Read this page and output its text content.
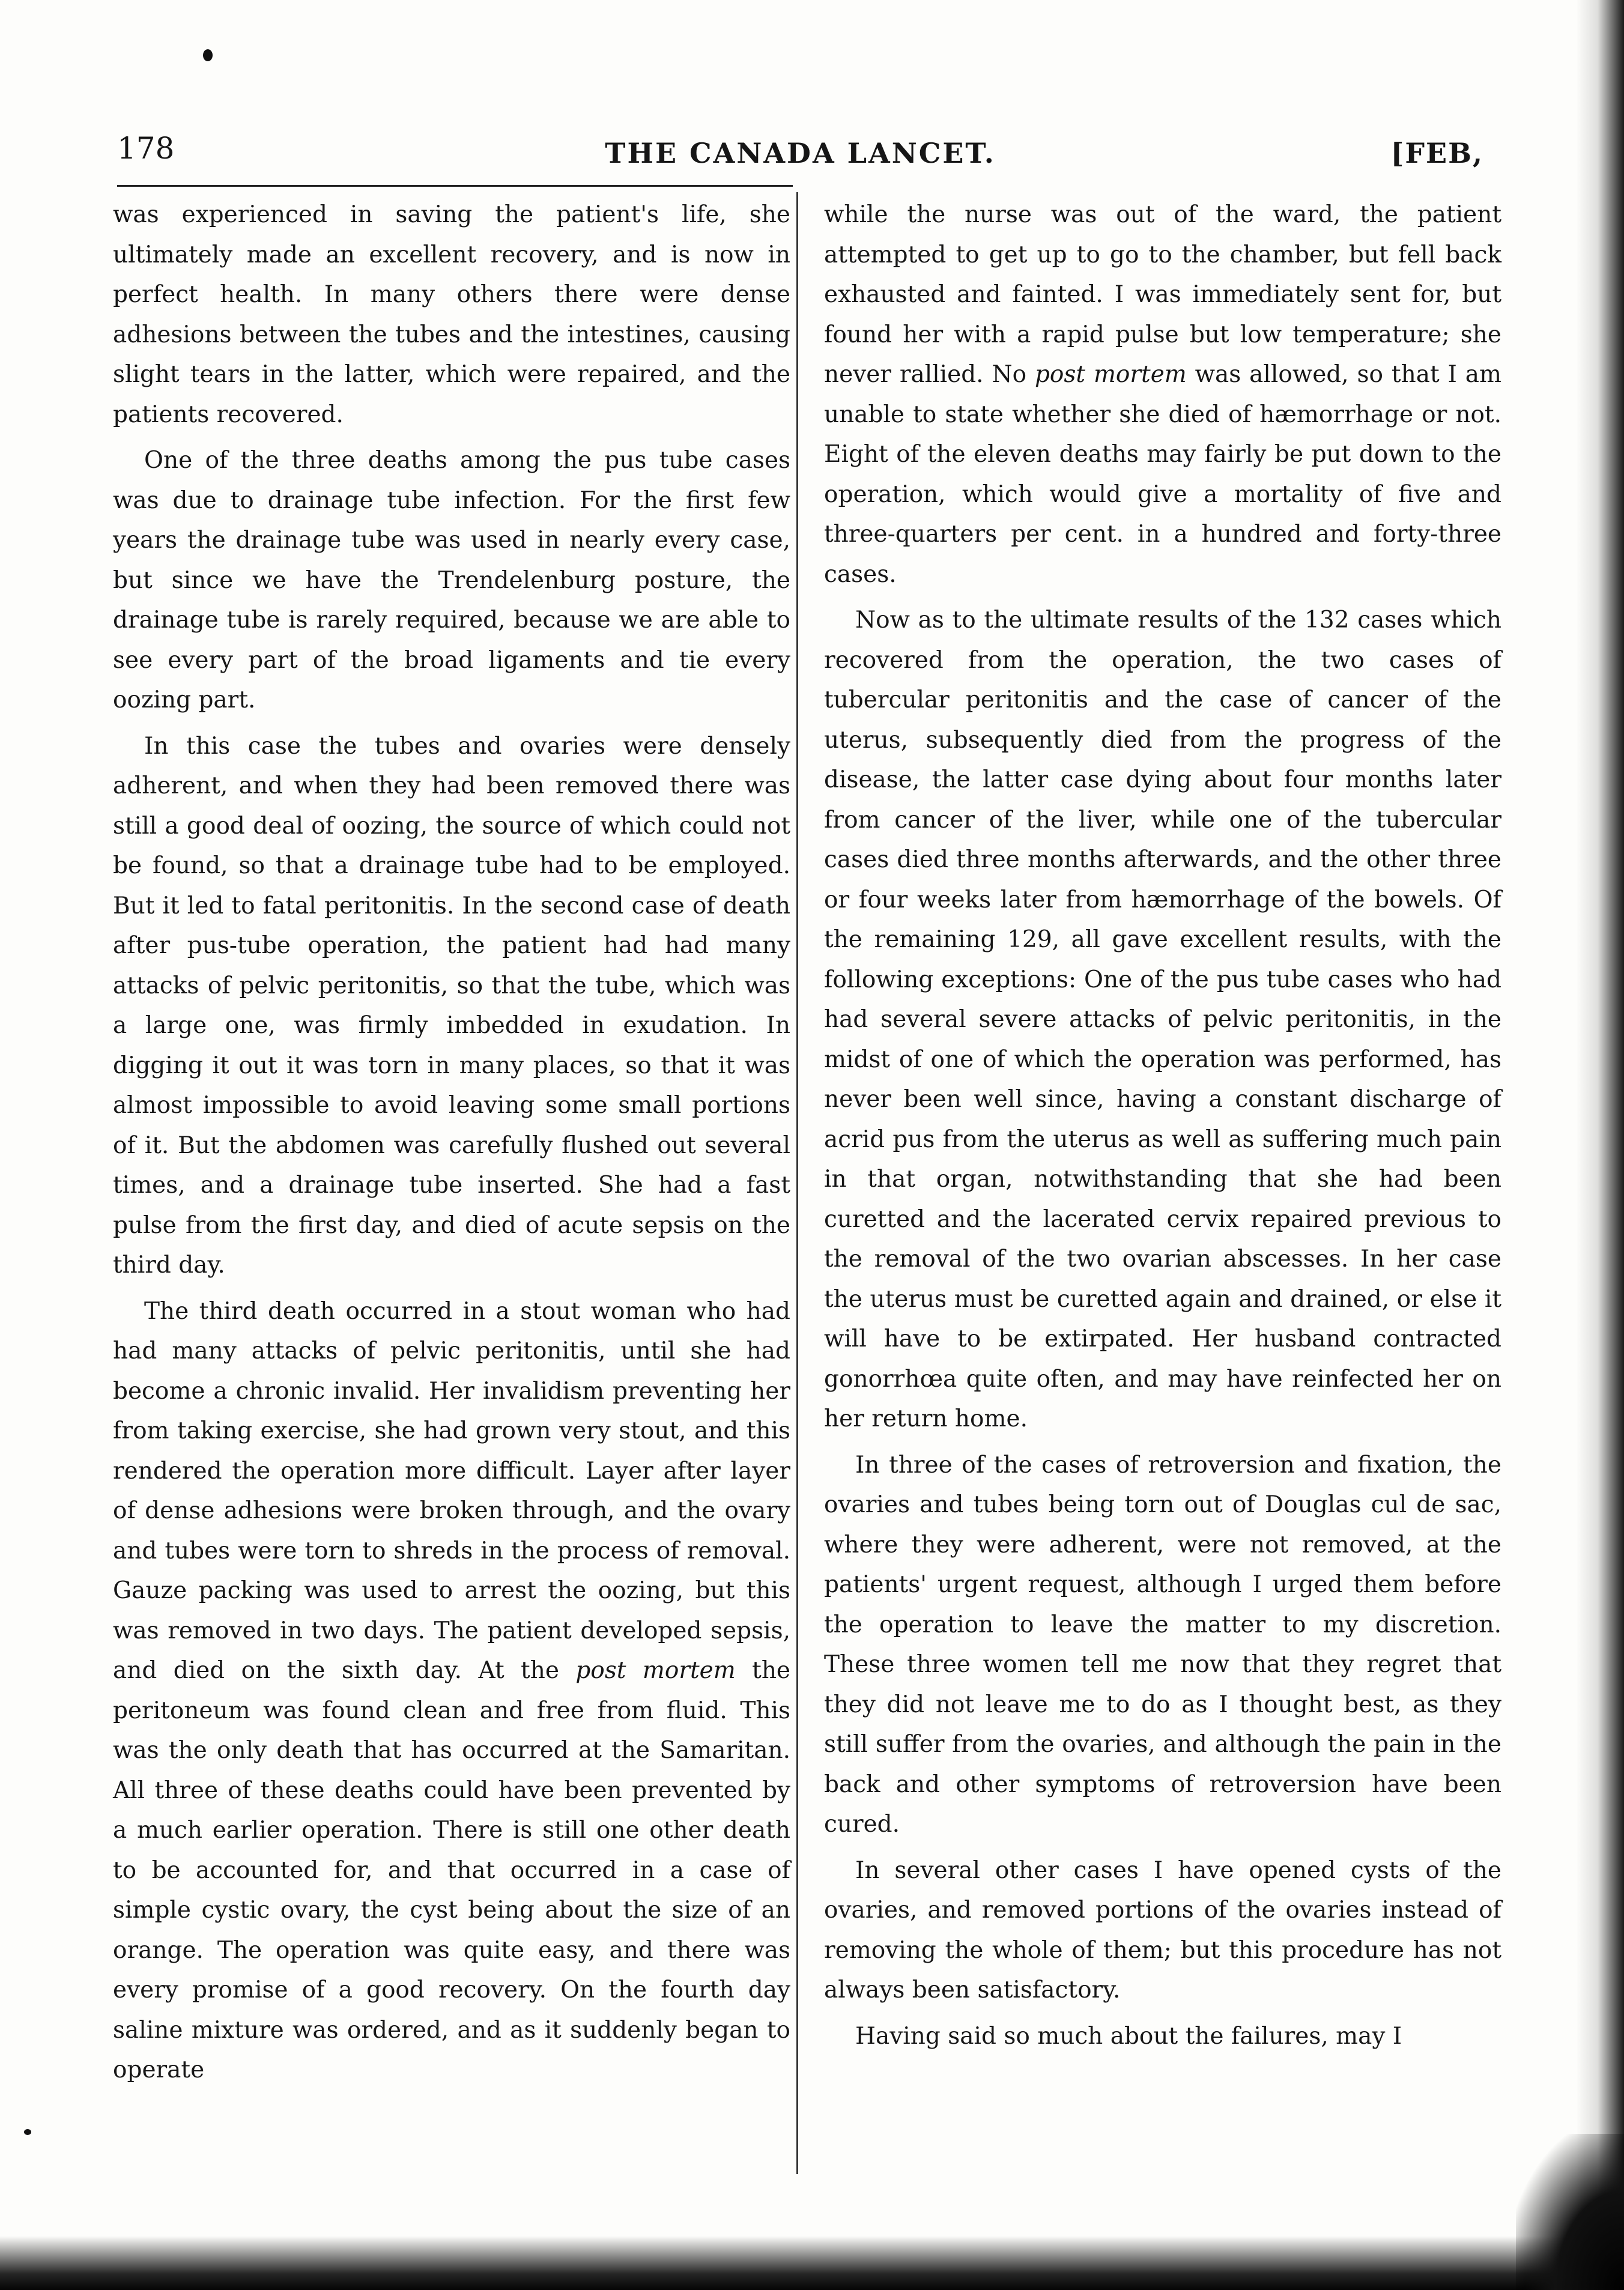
178	THE CANADA LANCET.	[FEB,

was experienced in saving the patient's life, she ultimately made an excellent recovery, and is now in perfect health. In many others there were dense adhesions between the tubes and the intestines, causing slight tears in the latter, which were repaired, and the patients recovered.

One of the three deaths among the pus tube cases was due to drainage tube infection. For the first few years the drainage tube was used in nearly every case, but since we have the Trendelenburg posture, the drainage tube is rarely required, because we are able to see every part of the broad ligaments and tie every oozing part.

In this case the tubes and ovaries were densely adherent, and when they had been removed there was still a good deal of oozing, the source of which could not be found, so that a drainage tube had to be employed. But it led to fatal peritonitis. In the second case of death after pus-tube operation, the patient had had many attacks of pelvic peritonitis, so that the tube, which was a large one, was firmly imbedded in exudation. In digging it out it was torn in many places, so that it was almost impossible to avoid leaving some small portions of it. But the abdomen was carefully flushed out several times, and a drainage tube inserted. She had a fast pulse from the first day, and died of acute sepsis on the third day.

The third death occurred in a stout woman who had had many attacks of pelvic peritonitis, until she had become a chronic invalid. Her invalidism preventing her from taking exercise, she had grown very stout, and this rendered the operation more difficult. Layer after layer of dense adhesions were broken through, and the ovary and tubes were torn to shreds in the process of removal. Gauze packing was used to arrest the oozing, but this was removed in two days. The patient developed sepsis, and died on the sixth day. At the post mortem the peritoneum was found clean and free from fluid. This was the only death that has occurred at the Samaritan. All three of these deaths could have been prevented by a much earlier operation. There is still one other death to be accounted for, and that occurred in a case of simple cystic ovary, the cyst being about the size of an orange. The operation was quite easy, and there was every promise of a good recovery. On the fourth day saline mixture was ordered, and as it suddenly began to operate

while the nurse was out of the ward, the patient attempted to get up to go to the chamber, but fell back exhausted and fainted. I was immediately sent for, but found her with a rapid pulse but low temperature; she never rallied. No post mortem was allowed, so that I am unable to state whether she died of hæmorrhage or not. Eight of the eleven deaths may fairly be put down to the operation, which would give a mortality of five and three-quarters per cent. in a hundred and forty-three cases.

Now as to the ultimate results of the 132 cases which recovered from the operation, the two cases of tubercular peritonitis and the case of cancer of the uterus, subsequently died from the progress of the disease, the latter case dying about four months later from cancer of the liver, while one of the tubercular cases died three months afterwards, and the other three or four weeks later from hæmorrhage of the bowels. Of the remaining 129, all gave excellent results, with the following exceptions: One of the pus tube cases who had had several severe attacks of pelvic peritonitis, in the midst of one of which the operation was performed, has never been well since, having a constant discharge of acrid pus from the uterus as well as suffering much pain in that organ, notwithstanding that she had been curetted and the lacerated cervix repaired previous to the removal of the two ovarian abscesses. In her case the uterus must be curetted again and drained, or else it will have to be extirpated. Her husband contracted gonorrhœa quite often, and may have reinfected her on her return home.

In three of the cases of retroversion and fixation, the ovaries and tubes being torn out of Douglas cul de sac, where they were adherent, were not removed, at the patients' urgent request, although I urged them before the operation to leave the matter to my discretion. These three women tell me now that they regret that they did not leave me to do as I thought best, as they still suffer from the ovaries, and although the pain in the back and other symptoms of retroversion have been cured.

In several other cases I have opened cysts of the ovaries, and removed portions of the ovaries instead of removing the whole of them; but this procedure has not always been satisfactory.

Having said so much about the failures, may I
